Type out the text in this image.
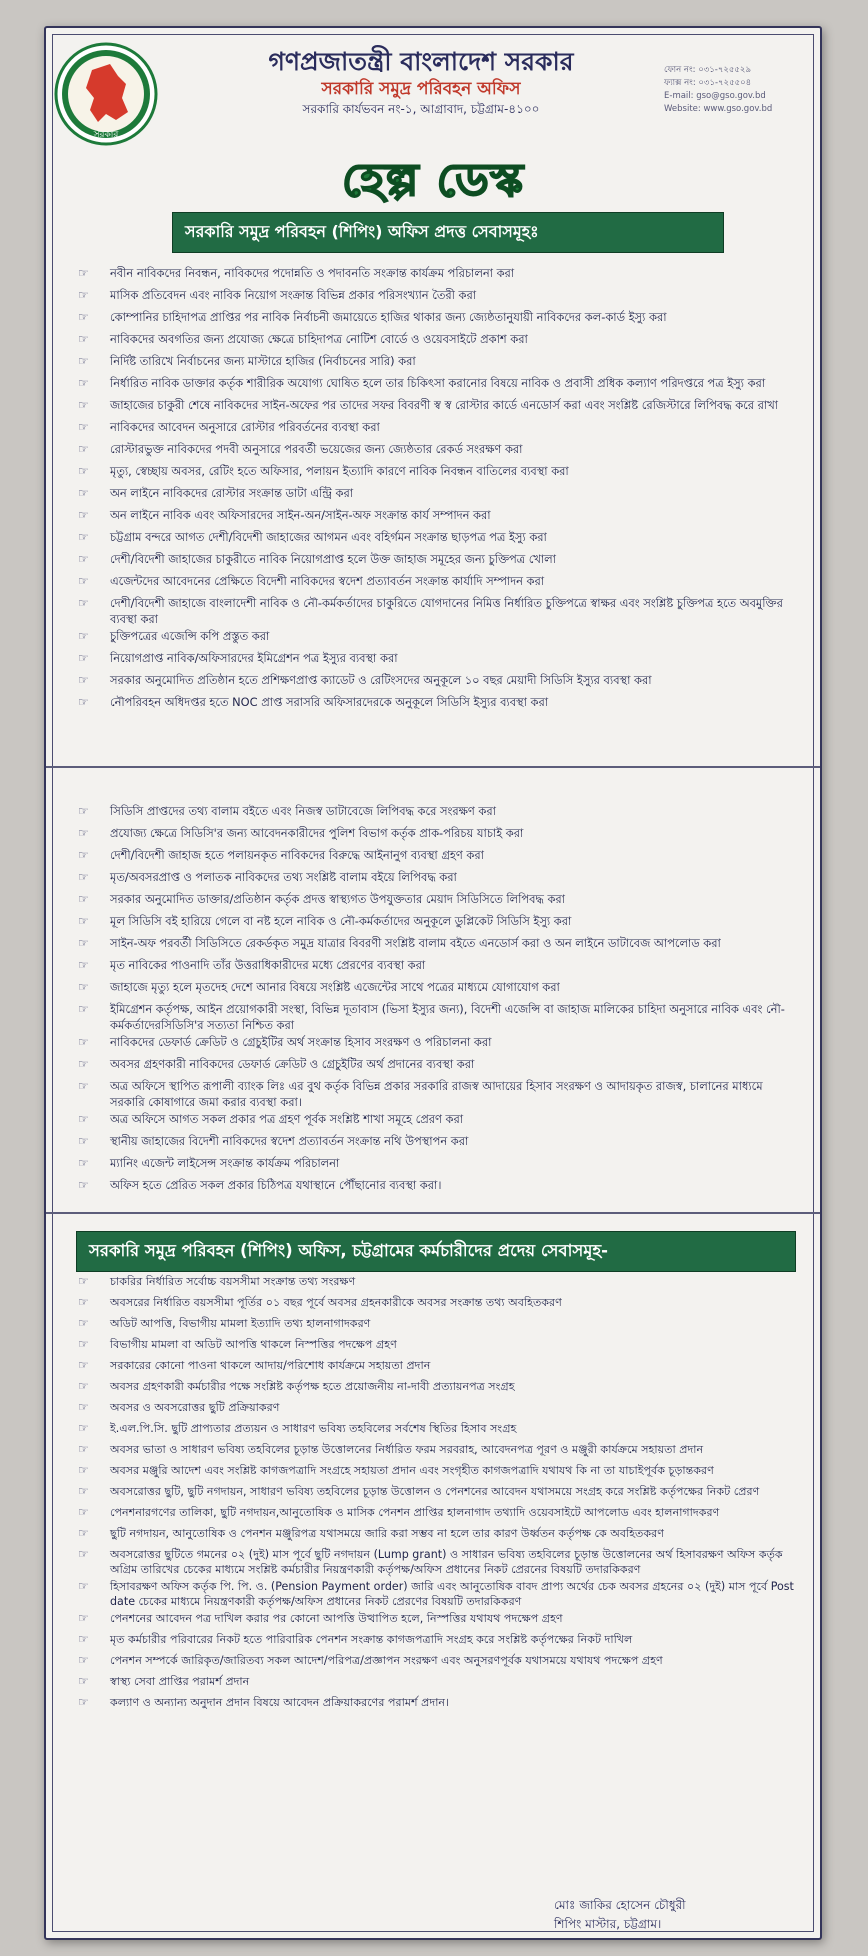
সরকার
গণপ্রজাতন্ত্রী বাংলাদেশ সরকার
সরকারি সমুদ্র পরিবহন অফিস
সরকারি কার্যভবন নং-১, আগ্রাবাদ, চট্টগ্রাম-৪১০০
ফোন নং: ০৩১-৭২৫৫২৯
ফ্যাক্স নং: ০৩১-৭২৫৫০৪
E-mail: gso@gso.gov.bd
Website: www.gso.gov.bd
হেল্প ডেস্ক
সরকারি সমুদ্র পরিবহন (শিপিং) অফিস প্রদত্ত সেবাসমূহঃ
☞ নবীন নাবিকদের নিবন্ধন, নাবিকদের পদোন্নতি ও পদাবনতি সংক্রান্ত কার্যক্রম পরিচালনা করা
☞ মাসিক প্রতিবেদন এবং নাবিক নিয়োগ সংক্রান্ত বিভিন্ন প্রকার পরিসংখ্যান তৈরী করা
☞ কোম্পানির চাহিদাপত্র প্রাপ্তির পর নাবিক নির্বাচনী জমায়েতে হাজির থাকার জন্য জ্যেষ্ঠতানুযায়ী নাবিকদের কল-কার্ড ইস্যু করা
☞ নাবিকদের অবগতির জন্য প্রযোজ্য ক্ষেত্রে চাহিদাপত্র নোটিশ বোর্ডে ও ওয়েবসাইটে প্রকাশ করা
☞ নির্দিষ্ট তারিখে নির্বাচনের জন্য মাস্টারে হাজির (নির্বাচনের সারি) করা
☞ নির্ধারিত নাবিক ডাক্তার কর্তৃক শারীরিক অযোগ্য ঘোষিত হলে তার চিকিৎসা করানোর বিষয়ে নাবিক ও প্রবাসী প্রধিক কল্যাণ পরিদপ্তরে পত্র ইস্যু করা
☞ জাহাজের চাকুরী শেষে নাবিকদের সাইন-অফের পর তাদের সফর বিবরণী স্ব স্ব রোস্টার কার্ডে এনডোর্স করা এবং সংশ্লিষ্ট রেজিস্টারে লিপিবদ্ধ করে রাখা
☞ নাবিকদের আবেদন অনুসারে রোস্টার পরিবর্তনের ব্যবস্থা করা
☞ রোস্টারভুক্ত নাবিকদের পদবী অনুসারে পরবর্তী ভয়েজের জন্য জ্যেষ্ঠতার রেকর্ড সংরক্ষণ করা
☞ মৃত্যু, স্বেচ্ছায় অবসর, রেটিং হতে অফিসার, পলায়ন ইত্যাদি কারণে নাবিক নিবন্ধন বাতিলের ব্যবস্থা করা
☞ অন লাইনে নাবিকদের রোস্টার সংক্রান্ত ডাটা এন্ট্রি করা
☞ অন লাইনে নাবিক এবং অফিসারদের সাইন-অন/সাইন-অফ সংক্রান্ত কার্য সম্পাদন করা
☞ চট্টগ্রাম বন্দরে আগত দেশী/বিদেশী জাহাজের আগমন এবং বহির্গমন সংক্রান্ত ছাড়পত্র পত্র ইস্যু করা
☞ দেশী/বিদেশী জাহাজের চাকুরীতে নাবিক নিয়োগপ্রাপ্ত হলে উক্ত জাহাজ সমূহের জন্য চুক্তিপত্র খোলা
☞ এজেন্টদের আবেদনের প্রেক্ষিতে বিদেশী নাবিকদের স্বদেশ প্রত্যাবর্তন সংক্রান্ত কার্যাদি সম্পাদন করা
☞ দেশী/বিদেশী জাহাজে বাংলাদেশী নাবিক ও নৌ-কর্মকর্তাদের চাকুরিতে যোগদানের নিমিত্ত নির্ধারিত চুক্তিপত্রে স্বাক্ষর এবং সংশ্লিষ্ট চুক্তিপত্র হতে অবমুক্তির ব্যবস্থা করা
☞ চুক্তিপত্রের এজেন্সি কপি প্রস্তুত করা
☞ নিয়োগপ্রাপ্ত নাবিক/অফিসারদের ইমিগ্রেশন পত্র ইস্যুর ব্যবস্থা করা
☞ সরকার অনুমোদিত প্রতিষ্ঠান হতে প্রশিক্ষণপ্রাপ্ত ক্যাডেট ও রেটিংসদের অনুকূলে ১০ বছর মেয়াদী সিডিসি ইস্যুর ব্যবস্থা করা
☞ নৌপরিবহন অধিদপ্তর হতে NOC প্রাপ্ত সরাসরি অফিসারদেরকে অনুকূলে সিডিসি ইস্যুর ব্যবস্থা করা
☞ সিডিসি প্রাপ্তদের তথ্য বালাম বইতে এবং নিজস্ব ডাটাবেজে লিপিবদ্ধ করে সংরক্ষণ করা
☞ প্রযোজ্য ক্ষেত্রে সিডিসি'র জন্য আবেদনকারীদের পুলিশ বিভাগ কর্তৃক প্রাক-পরিচয় যাচাই করা
☞ দেশী/বিদেশী জাহাজ হতে পলায়নকৃত নাবিকদের বিরুদ্ধে আইনানুগ ব্যবস্থা গ্রহণ করা
☞ মৃত/অবসরপ্রাপ্ত ও পলাতক নাবিকদের তথ্য সংশ্লিষ্ট বালাম বইয়ে লিপিবদ্ধ করা
☞ সরকার অনুমোদিত ডাক্তার/প্রতিষ্ঠান কর্তৃক প্রদত্ত স্বাস্থ্যগত উপযুক্ততার মেয়াদ সিডিসিতে লিপিবদ্ধ করা
☞ মূল সিডিসি বই হারিয়ে গেলে বা নষ্ট হলে নাবিক ও নৌ-কর্মকর্তাদের অনুকূলে ডুপ্লিকেট সিডিসি ইস্যু করা
☞ সাইন-অফ পরবর্তী সিডিসিতে রেকর্ডকৃত সমুদ্র যাত্রার বিবরণী সংশ্লিষ্ট বালাম বইতে এনডোর্স করা ও অন লাইনে ডাটাবেজ আপলোড করা
☞ মৃত নাবিকের পাওনাদি তাঁর উত্তরাধিকারীদের মধ্যে প্রেরণের ব্যবস্থা করা
☞ জাহাজে মৃত্যু হলে মৃতদেহ দেশে আনার বিষয়ে সংশ্লিষ্ট এজেন্টের সাথে পত্রের মাধ্যমে যোগাযোগ করা
☞ ইমিগ্রেশন কর্তৃপক্ষ, আইন প্রয়োগকারী সংস্থা, বিভিন্ন দূতাবাস (ভিসা ইস্যুর জন্য), বিদেশী এজেন্সি বা জাহাজ মালিকের চাহিদা অনুসারে নাবিক এবং নৌ-কর্মকর্তাদেরসিডিসি'র সত্যতা নিশ্চিত করা
☞ নাবিকদের ডেফার্ড ক্রেডিট ও গ্রেচুইটির অর্থ সংক্রান্ত হিসাব সংরক্ষণ ও পরিচালনা করা
☞ অবসর গ্রহণকারী নাবিকদের ডেফার্ড ক্রেডিট ও গ্রেচুইটির অর্থ প্রদানের ব্যবস্থা করা
☞ অত্র অফিসে স্থাপিত রূপালী ব্যাংক লিঃ এর বুথ কর্তৃক বিভিন্ন প্রকার সরকারি রাজস্ব আদায়ের হিসাব সংরক্ষণ ও আদায়কৃত রাজস্ব, চালানের মাধ্যমে সরকারি কোষাগারে জমা করার ব্যবস্থা করা।
☞ অত্র অফিসে আগত সকল প্রকার পত্র গ্রহণ পূর্বক সংশ্লিষ্ট শাখা সমূহে প্রেরণ করা
☞ স্থানীয় জাহাজের বিদেশী নাবিকদের স্বদেশ প্রত্যাবর্তন সংক্রান্ত নথি উপস্থাপন করা
☞ ম্যানিং এজেন্ট লাইসেন্স সংক্রান্ত কার্যক্রম পরিচালনা
☞ অফিস হতে প্রেরিত সকল প্রকার চিঠিপত্র যথাস্থানে পৌঁছানোর ব্যবস্থা করা।
সরকারি সমুদ্র পরিবহন (শিপিং) অফিস, চট্টগ্রামের কর্মচারীদের প্রদেয় সেবাসমূহ-
☞ চাকরির নির্ধারিত সর্বোচ্চ বয়সসীমা সংক্রান্ত তথ্য সংরক্ষণ
☞ অবসরের নির্ধারিত বয়সসীমা পূর্তির ০১ বছর পূর্বে অবসর গ্রহনকারীকে অবসর সংক্রান্ত তথ্য অবহিতকরণ
☞ অডিট আপত্তি, বিভাগীয় মামলা ইত্যাদি তথ্য হালনাগাদকরণ
☞ বিভাগীয় মামলা বা অডিট আপত্তি থাকলে নিস্পত্তির পদক্ষেপ গ্রহণ
☞ সরকারের কোনো পাওনা থাকলে আদায়/পরিশোধ কার্যক্রমে সহায়তা প্রদান
☞ অবসর গ্রহণকারী কর্মচারীর পক্ষে সংশ্লিষ্ট কর্তৃপক্ষ হতে প্রয়োজনীয় না-দাবী প্রত্যায়নপত্র সংগ্রহ
☞ অবসর ও অবসরোত্তর ছুটি প্রক্রিয়াকরণ
☞ ই.এল.পি.সি. ছুটি প্রাপ্যতার প্রত্যয়ন ও সাধারণ ভবিষ্য তহবিলের সর্বশেষ স্থিতির হিসাব সংগ্রহ
☞ অবসর ভাতা ও সাধারণ ভবিষ্য তহবিলের চূড়ান্ত উত্তোলনের নির্ধারিত ফরম সরবরাহ, আবেদনপত্র পূরণ ও মঞ্জুরী কার্যক্রমে সহায়তা প্রদান
☞ অবসর মঞ্জুরি আদেশ এবং সংশ্লিষ্ট কাগজপত্রাদি সংগ্রহে সহায়তা প্রদান এবং সংগৃহীত কাগজপত্রাদি যথাযথ কি না তা যাচাইপূর্বক চূড়ান্তকরণ
☞ অবসরোত্তর ছুটি, ছুটি নগদায়ন, সাধারণ ভবিষ্য তহবিলের চূড়ান্ত উত্তোলন ও পেনশনের আবেদন যথাসময়ে সংগ্রহ করে সংশ্লিষ্ট কর্তৃপক্ষের নিকট প্রেরণ
☞ পেনশনারগণের তালিকা, ছুটি নগদায়ন,আনুতোষিক ও মাসিক পেনশন প্রাপ্তির হালনাগাদ তথ্যাদি ওয়েবসাইটে আপলোড এবং হালনাগাদকরণ
☞ ছুটি নগদায়ন, আনুতোষিক ও পেনশন মঞ্জুরিপত্র যথাসময়ে জারি করা সম্ভব না হলে তার কারণ উর্ধ্বতন কর্তৃপক্ষ কে অবহিতকরণ
☞ অবসরোত্তর ছুটিতে গমনের ০২ (দুই) মাস পূর্বে ছুটি নগদায়ন (Lump grant) ও সাধারন ভবিষ্য তহবিলের চূড়ান্ত উত্তোলনের অর্থ হিসাবরক্ষণ অফিস কর্তৃক অগ্রিম তারিখের চেকের মাধ্যমে সংশ্লিষ্ট কর্মচারীর নিয়ন্ত্রণকারী কর্তৃপক্ষ/অফিস প্রধানের নিকট প্রেরনের বিষয়টি তদারকিকরণ
☞ হিসাবরক্ষণ অফিস কর্তৃক পি. পি. ও. (Pension Payment order) জারি এবং আনুতোষিক বাবদ প্রাপ্য অর্থের চেক অবসর গ্রহনের ০২ (দুই) মাস পূর্বে Post date চেকের মাধ্যমে নিয়ন্ত্রণকারী কর্তৃপক্ষ/অফিস প্রধানের নিকট প্রেরণের বিষয়টি তদারকিকরণ
☞ পেনশনের আবেদন পত্র দাখিল করার পর কোনো আপত্তি উত্থাপিত হলে, নিস্পত্তির যথাযথ পদক্ষেপ গ্রহণ
☞ মৃত কর্মচারীর পরিবারের নিকট হতে পারিবারিক পেনশন সংক্রান্ত কাগজপত্রাদি সংগ্রহ করে সংশ্লিষ্ট কর্তৃপক্ষের নিকট দাখিল
☞ পেনশন সম্পর্কে জারিকৃত/জারিতব্য সকল আদেশ/পরিপত্র/প্রজ্ঞাপন সংরক্ষণ এবং অনুসরণপূর্বক যথাসময়ে যথাযথ পদক্ষেপ গ্রহণ
☞ স্বাস্থ্য সেবা প্রাপ্তির পরামর্শ প্রদান
☞ কল্যাণ ও অন্যান্য অনুদান প্রদান বিষয়ে আবেদন প্রক্রিয়াকরণের পরামর্শ প্রদান।
মোঃ জাকির হোসেন চৌধুরী
শিপিং মাস্টার, চট্টগ্রাম।
